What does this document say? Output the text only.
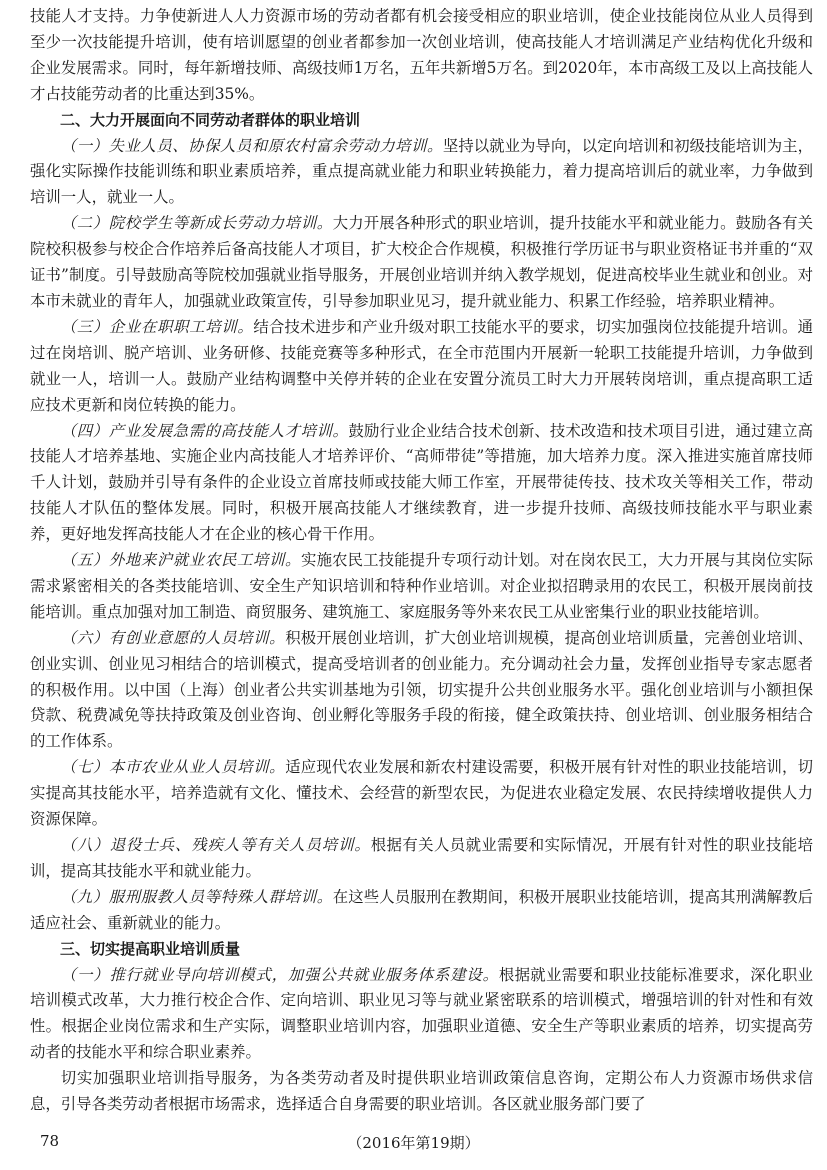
技能人才支持。力争使新进人人力资源市场的劳动者都有机会接受相应的职业培训，使企业技能岗位从业人员得到至少一次技能提升培训，使有培训愿望的创业者都参加一次创业培训，使高技能人才培训满足产业结构优化升级和企业发展需求。同时，每年新增技师、高级技师1万名，五年共新增5万名。到2020年，本市高级工及以上高技能人才占技能劳动者的比重达到35%。

二、大力开展面向不同劳动者群体的职业培训

（一）失业人员、协保人员和原农村富余劳动力培训。坚持以就业为导向，以定向培训和初级技能培训为主，强化实际操作技能训练和职业素质培养，重点提高就业能力和职业转换能力，着力提高培训后的就业率，力争做到培训一人，就业一人。

（二）院校学生等新成长劳动力培训。大力开展各种形式的职业培训，提升技能水平和就业能力。鼓励各有关院校积极参与校企合作培养后备高技能人才项目，扩大校企合作规模，积极推行学历证书与职业资格证书并重的“双证书”制度。引导鼓励高等院校加强就业指导服务，开展创业培训并纳入教学规划，促进高校毕业生就业和创业。对本市未就业的青年人，加强就业政策宣传，引导参加职业见习，提升就业能力、积累工作经验，培养职业精神。

（三）企业在职职工培训。结合技术进步和产业升级对职工技能水平的要求，切实加强岗位技能提升培训。通过在岗培训、脱产培训、业务研修、技能竞赛等多种形式，在全市范围内开展新一轮职工技能提升培训，力争做到就业一人，培训一人。鼓励产业结构调整中关停并转的企业在安置分流员工时大力开展转岗培训，重点提高职工适应技术更新和岗位转换的能力。

（四）产业发展急需的高技能人才培训。鼓励行业企业结合技术创新、技术改造和技术项目引进，通过建立高技能人才培养基地、实施企业内高技能人才培养评价、“高师带徒”等措施，加大培养力度。深入推进实施首席技师千人计划，鼓励并引导有条件的企业设立首席技师或技能大师工作室，开展带徒传技、技术攻关等相关工作，带动技能人才队伍的整体发展。同时，积极开展高技能人才继续教育，进一步提升技师、高级技师技能水平与职业素养，更好地发挥高技能人才在企业的核心骨干作用。

（五）外地来沪就业农民工培训。实施农民工技能提升专项行动计划。对在岗农民工，大力开展与其岗位实际需求紧密相关的各类技能培训、安全生产知识培训和特种作业培训。对企业拟招聘录用的农民工，积极开展岗前技能培训。重点加强对加工制造、商贸服务、建筑施工、家庭服务等外来农民工从业密集行业的职业技能培训。

（六）有创业意愿的人员培训。积极开展创业培训，扩大创业培训规模，提高创业培训质量，完善创业培训、创业实训、创业见习相结合的培训模式，提高受培训者的创业能力。充分调动社会力量，发挥创业指导专家志愿者的积极作用。以中国（上海）创业者公共实训基地为引领，切实提升公共创业服务水平。强化创业培训与小额担保贷款、税费减免等扶持政策及创业咨询、创业孵化等服务手段的衔接，健全政策扶持、创业培训、创业服务相结合的工作体系。

（七）本市农业从业人员培训。适应现代农业发展和新农村建设需要，积极开展有针对性的职业技能培训，切实提高其技能水平，培养造就有文化、懂技术、会经营的新型农民，为促进农业稳定发展、农民持续增收提供人力资源保障。

（八）退役士兵、残疾人等有关人员培训。根据有关人员就业需要和实际情况，开展有针对性的职业技能培训，提高其技能水平和就业能力。

（九）服刑服教人员等特殊人群培训。在这些人员服刑在教期间，积极开展职业技能培训，提高其刑满解教后适应社会、重新就业的能力。

三、切实提高职业培训质量

（一）推行就业导向培训模式，加强公共就业服务体系建设。根据就业需要和职业技能标准要求，深化职业培训模式改革，大力推行校企合作、定向培训、职业见习等与就业紧密联系的培训模式，增强培训的针对性和有效性。根据企业岗位需求和生产实际，调整职业培训内容，加强职业道德、安全生产等职业素质的培养，切实提高劳动者的技能水平和综合职业素养。

切实加强职业培训指导服务，为各类劳动者及时提供职业培训政策信息咨询，定期公布人力资源市场供求信息，引导各类劳动者根据市场需求，选择适合自身需要的职业培训。各区就业服务部门要了

78	（2016年第19期）
